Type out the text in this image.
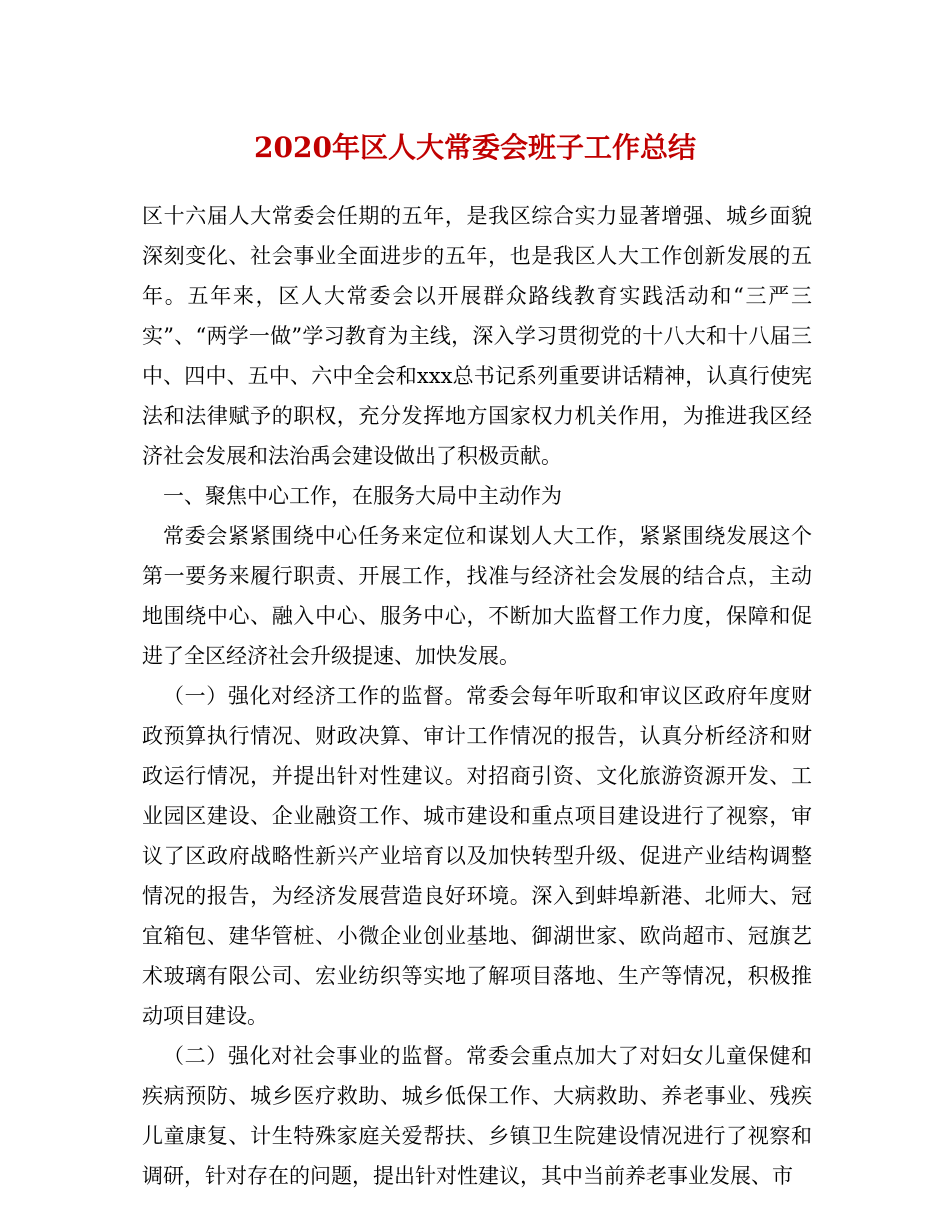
2020年区人大常委会班子工作总结

区十六届人大常委会任期的五年，是我区综合实力显著增强、城乡面貌深刻变化、社会事业全面进步的五年，也是我区人大工作创新发展的五年。五年来，区人大常委会以开展群众路线教育实践活动和“三严三实”、“两学一做”学习教育为主线，深入学习贯彻党的十八大和十八届三中、四中、五中、六中全会和xxx总书记系列重要讲话精神，认真行使宪法和法律赋予的职权，充分发挥地方国家权力机关作用，为推进我区经济社会发展和法治禹会建设做出了积极贡献。

一、聚焦中心工作，在服务大局中主动作为

常委会紧紧围绕中心任务来定位和谋划人大工作，紧紧围绕发展这个第一要务来履行职责、开展工作，找准与经济社会发展的结合点，主动地围绕中心、融入中心、服务中心，不断加大监督工作力度，保障和促进了全区经济社会升级提速、加快发展。

（一）强化对经济工作的监督。常委会每年听取和审议区政府年度财政预算执行情况、财政决算、审计工作情况的报告，认真分析经济和财政运行情况，并提出针对性建议。对招商引资、文化旅游资源开发、工业园区建设、企业融资工作、城市建设和重点项目建设进行了视察，审议了区政府战略性新兴产业培育以及加快转型升级、促进产业结构调整情况的报告，为经济发展营造良好环境。深入到蚌埠新港、北师大、冠宜箱包、建华管桩、小微企业创业基地、御湖世家、欧尚超市、冠旗艺术玻璃有限公司、宏业纺织等实地了解项目落地、生产等情况，积极推动项目建设。

（二）强化对社会事业的监督。常委会重点加大了对妇女儿童保健和疾病预防、城乡医疗救助、城乡低保工作、大病救助、养老事业、残疾儿童康复、计生特殊家庭关爱帮扶、乡镇卫生院建设情况进行了视察和调研，针对存在的问题，提出针对性建议，其中当前养老事业发展、市
